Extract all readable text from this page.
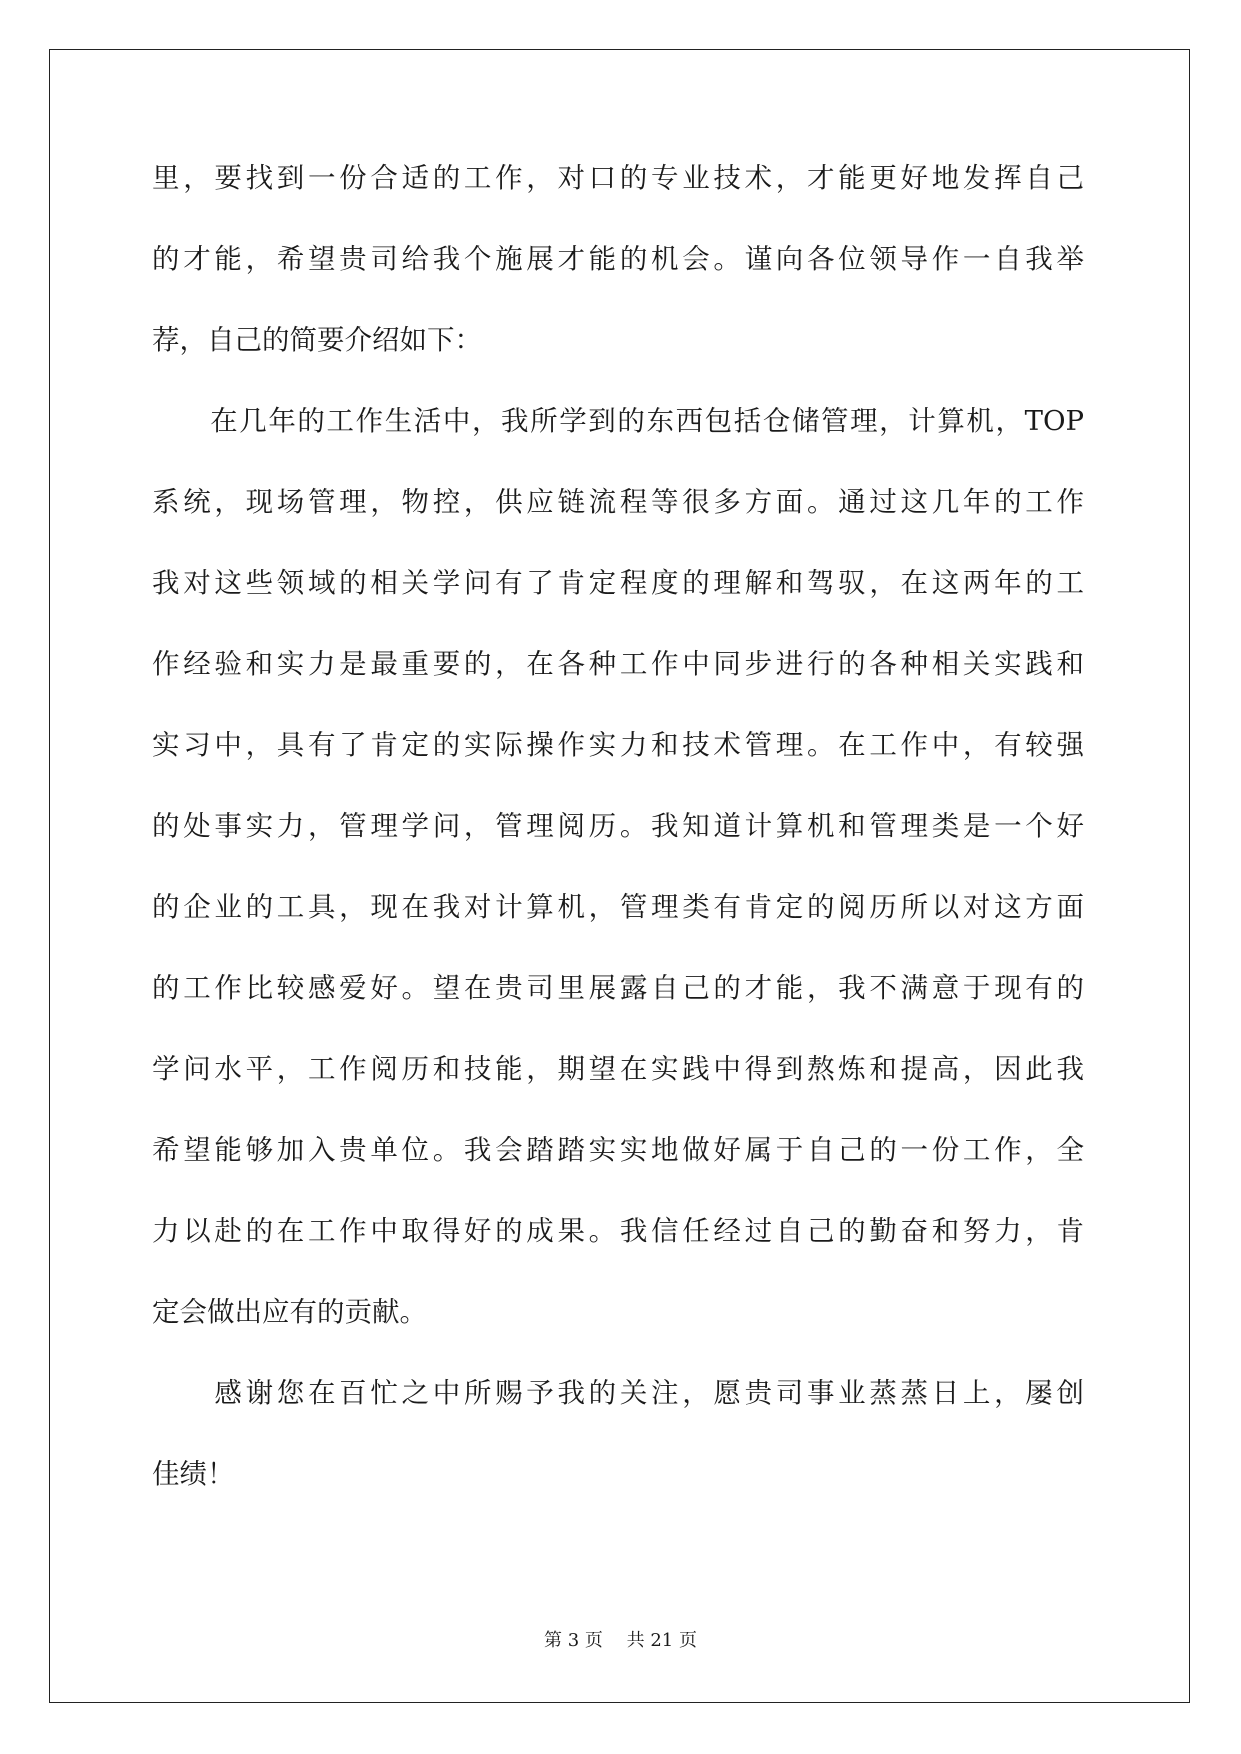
里，要找到一份合适的工作，对口的专业技术，才能更好地发挥自己
的才能，希望贵司给我个施展才能的机会。谨向各位领导作一自我举
荐，自己的简要介绍如下：
　　在几年的工作生活中，我所学到的东西包括仓储管理，计算机，TOP
系统，现场管理，物控，供应链流程等很多方面。通过这几年的工作
我对这些领域的相关学问有了肯定程度的理解和驾驭，在这两年的工
作经验和实力是最重要的，在各种工作中同步进行的各种相关实践和
实习中，具有了肯定的实际操作实力和技术管理。在工作中，有较强
的处事实力，管理学问，管理阅历。我知道计算机和管理类是一个好
的企业的工具，现在我对计算机，管理类有肯定的阅历所以对这方面
的工作比较感爱好。望在贵司里展露自己的才能，我不满意于现有的
学问水平，工作阅历和技能，期望在实践中得到熬炼和提高，因此我
希望能够加入贵单位。我会踏踏实实地做好属于自己的一份工作，全
力以赴的在工作中取得好的成果。我信任经过自己的勤奋和努力，肯
定会做出应有的贡献。
　　感谢您在百忙之中所赐予我的关注，愿贵司事业蒸蒸日上，屡创
佳绩！
第 3 页　 共 21 页
